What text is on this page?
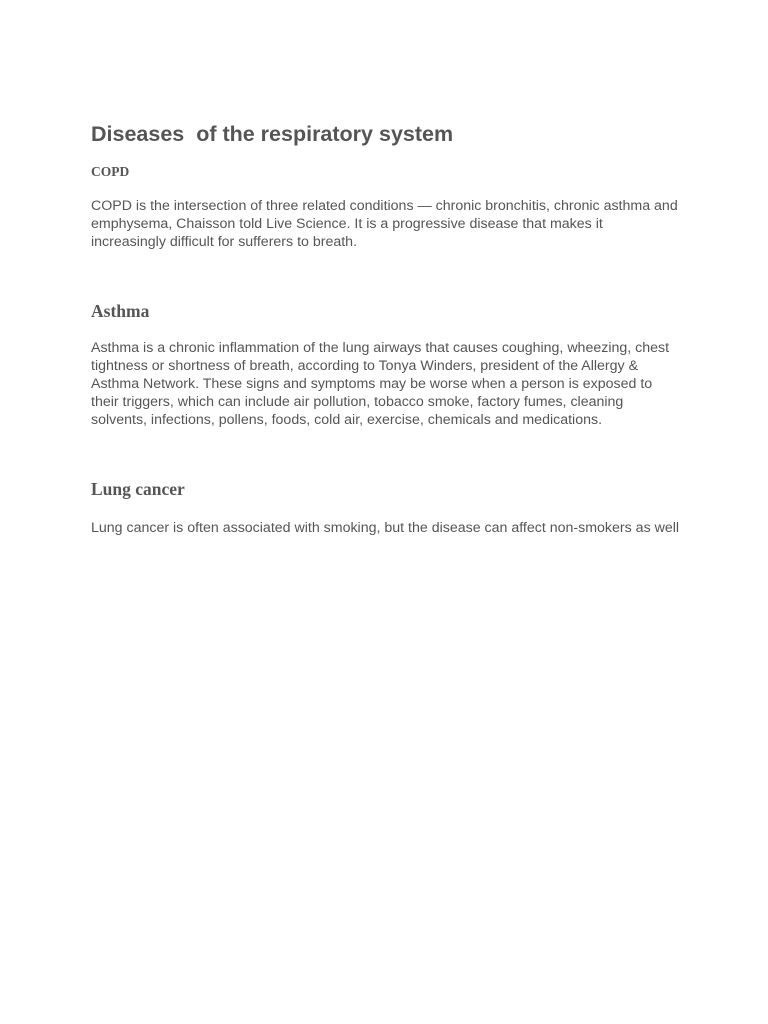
Diseases  of the respiratory system
COPD

COPD is the intersection of three related conditions — chronic bronchitis, chronic asthma and emphysema, Chaisson told Live Science. It is a progressive disease that makes it increasingly difficult for sufferers to breath.

Asthma

Asthma is a chronic inflammation of the lung airways that causes coughing, wheezing, chest tightness or shortness of breath, according to Tonya Winders, president of the Allergy & Asthma Network. These signs and symptoms may be worse when a person is exposed to their triggers, which can include air pollution, tobacco smoke, factory fumes, cleaning solvents, infections, pollens, foods, cold air, exercise, chemicals and medications.

Lung cancer

Lung cancer is often associated with smoking, but the disease can affect non-smokers as well
